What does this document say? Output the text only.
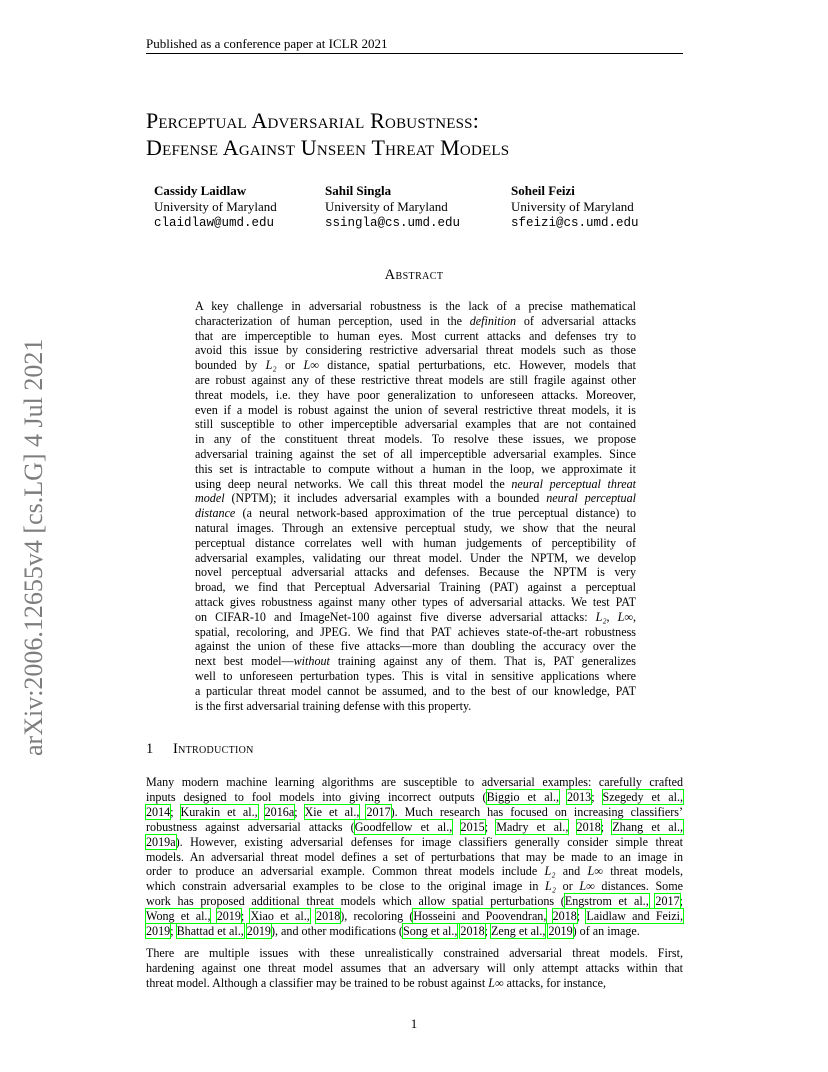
Published as a conference paper at ICLR 2021
Perceptual Adversarial Robustness:
Defense Against Unseen Threat Models
Cassidy Laidlaw
University of Maryland
claidlaw@umd.edu
Sahil Singla
University of Maryland
ssingla@cs.umd.edu
Soheil Feizi
University of Maryland
sfeizi@cs.umd.edu
arXiv:2006.12655v4 [cs.LG] 4 Jul 2021
Abstract
A key challenge in adversarial robustness is the lack of a precise mathematical
characterization of human perception, used in the definition of adversarial attacks
that are imperceptible to human eyes. Most current attacks and defenses try to
avoid this issue by considering restrictive adversarial threat models such as those
bounded by L₂ or L∞ distance, spatial perturbations, etc. However, models that
are robust against any of these restrictive threat models are still fragile against other
threat models, i.e. they have poor generalization to unforeseen attacks. Moreover,
even if a model is robust against the union of several restrictive threat models, it is
still susceptible to other imperceptible adversarial examples that are not contained
in any of the constituent threat models. To resolve these issues, we propose
adversarial training against the set of all imperceptible adversarial examples. Since
this set is intractable to compute without a human in the loop, we approximate it
using deep neural networks. We call this threat model the neural perceptual threat
model (NPTM); it includes adversarial examples with a bounded neural perceptual
distance (a neural network-based approximation of the true perceptual distance) to
natural images. Through an extensive perceptual study, we show that the neural
perceptual distance correlates well with human judgements of perceptibility of
adversarial examples, validating our threat model. Under the NPTM, we develop
novel perceptual adversarial attacks and defenses. Because the NPTM is very
broad, we find that Perceptual Adversarial Training (PAT) against a perceptual
attack gives robustness against many other types of adversarial attacks. We test PAT
on CIFAR-10 and ImageNet-100 against five diverse adversarial attacks: L₂, L∞,
spatial, recoloring, and JPEG. We find that PAT achieves state-of-the-art robustness
against the union of these five attacks—more than doubling the accuracy over the
next best model—without training against any of them. That is, PAT generalizes
well to unforeseen perturbation types. This is vital in sensitive applications where
a particular threat model cannot be assumed, and to the best of our knowledge, PAT
is the first adversarial training defense with this property.
1 Introduction
Many modern machine learning algorithms are susceptible to adversarial examples: carefully crafted
inputs designed to fool models into giving incorrect outputs (Biggio et al., 2013; Szegedy et al.,
2014; Kurakin et al., 2016a; Xie et al., 2017). Much research has focused on increasing classifiers’
robustness against adversarial attacks (Goodfellow et al., 2015; Madry et al., 2018; Zhang et al.,
2019a). However, existing adversarial defenses for image classifiers generally consider simple threat
models. An adversarial threat model defines a set of perturbations that may be made to an image in
order to produce an adversarial example. Common threat models include L₂ and L∞ threat models,
which constrain adversarial examples to be close to the original image in L₂ or L∞ distances. Some
work has proposed additional threat models which allow spatial perturbations (Engstrom et al., 2017;
Wong et al., 2019; Xiao et al., 2018), recoloring (Hosseini and Poovendran, 2018; Laidlaw and Feizi,
2019; Bhattad et al., 2019), and other modifications (Song et al., 2018; Zeng et al., 2019) of an image.
There are multiple issues with these unrealistically constrained adversarial threat models. First,
hardening against one threat model assumes that an adversary will only attempt attacks within that
threat model. Although a classifier may be trained to be robust against L∞ attacks, for instance,
1
